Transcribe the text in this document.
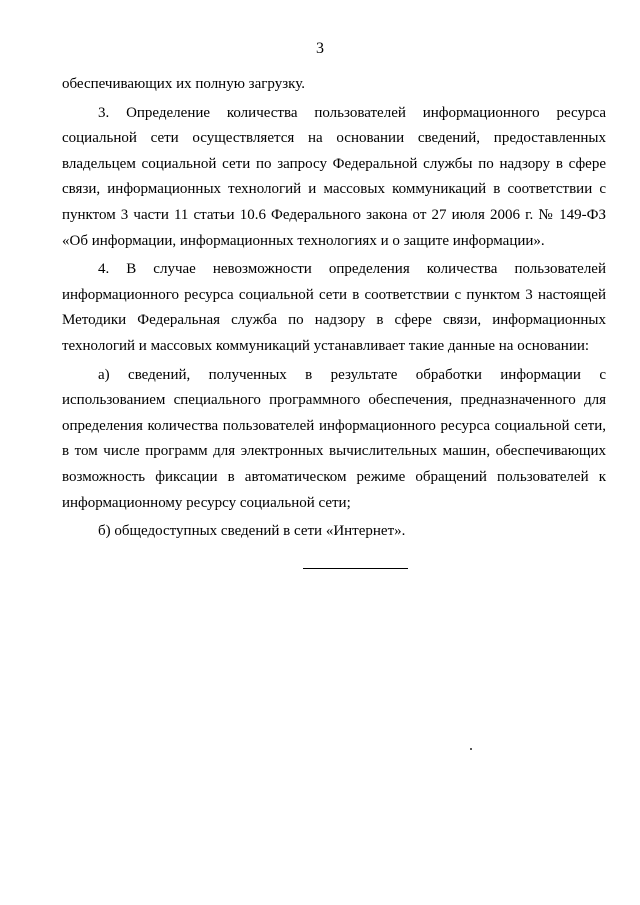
3

обеспечивающих их полную загрузку.

3. Определение количества пользователей информационного ресурса социальной сети осуществляется на основании сведений, предоставленных владельцем социальной сети по запросу Федеральной службы по надзору в сфере связи, информационных технологий и массовых коммуникаций в соответствии с пунктом 3 части 11 статьи 10.6 Федерального закона от 27 июля 2006 г. № 149-ФЗ «Об информации, информационных технологиях и о защите информации».

4. В случае невозможности определения количества пользователей информационного ресурса социальной сети в соответствии с пунктом 3 настоящей Методики Федеральная служба по надзору в сфере связи, информационных технологий и массовых коммуникаций устанавливает такие данные на основании:

а) сведений, полученных в результате обработки информации с использованием специального программного обеспечения, предназначенного для определения количества пользователей информационного ресурса социальной сети, в том числе программ для электронных вычислительных машин, обеспечивающих возможность фиксации в автоматическом режиме обращений пользователей к информационному ресурсу социальной сети;

б) общедоступных сведений в сети «Интернет».
